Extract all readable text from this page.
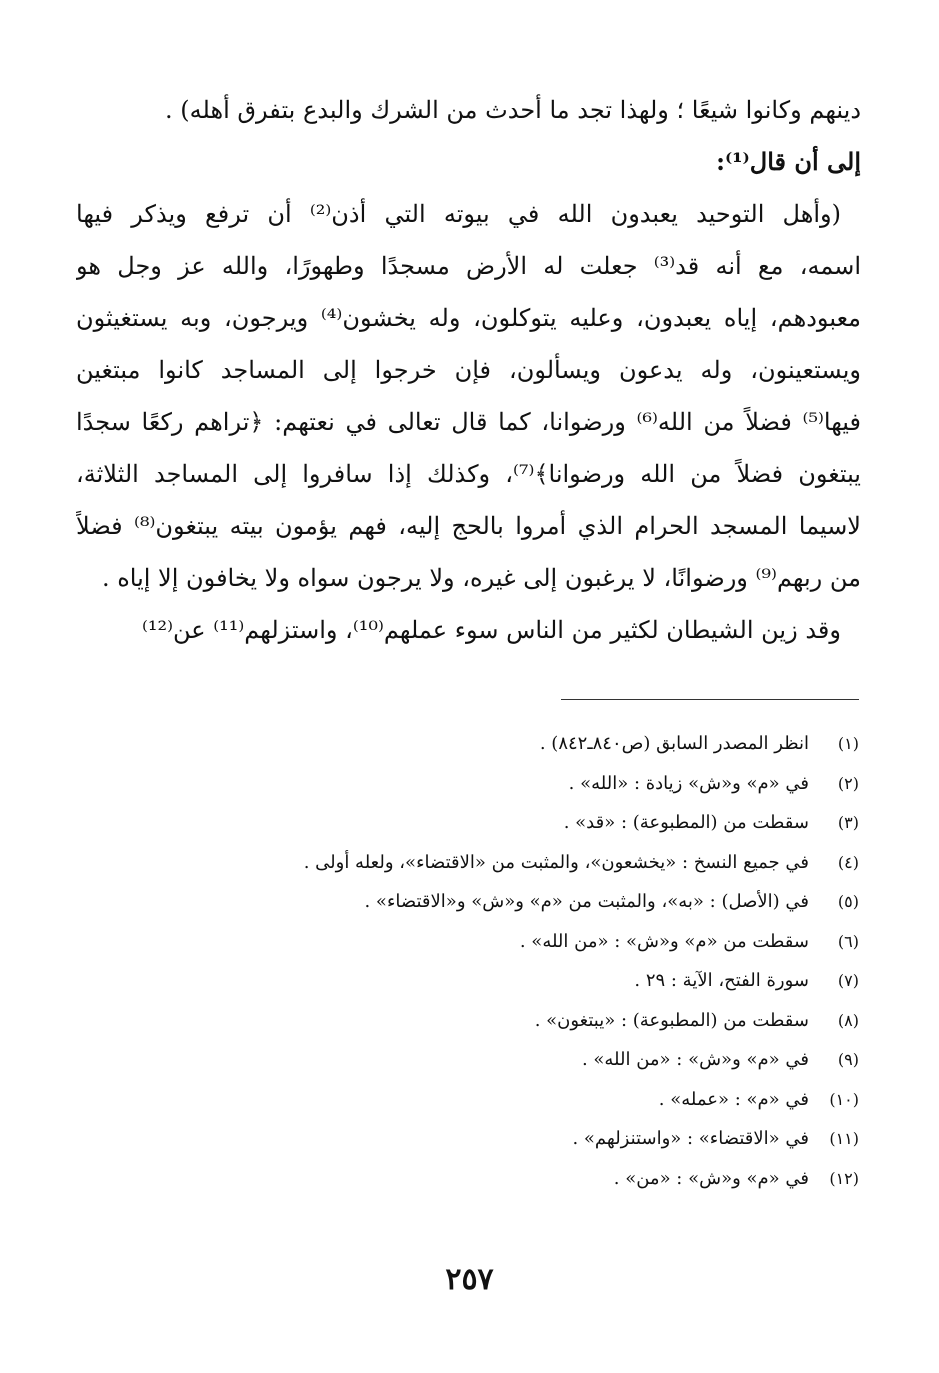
دينهم وكانوا شيعًا ؛ ولهذا تجد ما أحدث من الشرك والبدع بتفرق أهله) .
إلى أن قال⁽¹⁾:
(وأهل التوحيد يعبدون الله في بيوته التي أذن⁽²⁾ أن ترفع ويذكر فيها
اسمه، مع أنه قد⁽³⁾ جعلت له الأرض مسجدًا وطهورًا، والله عز وجل هو
معبودهم، إياه يعبدون، وعليه يتوكلون، وله يخشون⁽⁴⁾ ويرجون، وبه يستغيثون
ويستعينون، وله يدعون ويسألون، فإن خرجوا إلى المساجد كانوا مبتغين
فيها⁽⁵⁾ فضلاً من الله⁽⁶⁾ ورضوانا، كما قال تعالى في نعتهم: ﴿تراهم ركعًا سجدًا
يبتغون فضلاً من الله ورضوانا﴾⁽⁷⁾، وكذلك إذا سافروا إلى المساجد الثلاثة،
لاسيما المسجد الحرام الذي أمروا بالحج إليه، فهم يؤمون بيته يبتغون⁽⁸⁾ فضلاً
من ربهم⁽⁹⁾ ورضوانًا، لا يرغبون إلى غيره، ولا يرجون سواه ولا يخافون إلا إياه .
وقد زين الشيطان لكثير من الناس سوء عملهم⁽¹⁰⁾، واستزلهم⁽¹¹⁾ عن⁽¹²⁾
(١)
انظر المصدر السابق (ص٨٤٠ـ٨٤٢) .
(٢)
في «م» و«ش» زيادة : «الله» .
(٣)
سقطت من (المطبوعة) : «قد» .
(٤)
في جميع النسخ : «يخشعون»، والمثبت من «الاقتضاء»، ولعله أولى .
(٥)
في (الأصل) : «به»، والمثبت من «م» و«ش» و«الاقتضاء» .
(٦)
سقطت من «م» و«ش» : «من الله» .
(٧)
سورة الفتح، الآية : ٢٩ .
(٨)
سقطت من (المطبوعة) : «يبتغون» .
(٩)
في «م» و«ش» : «من الله» .
(١٠)
في «م» : «عمله» .
(١١)
في «الاقتضاء» : «واستنزلهم» .
(١٢)
في «م» و«ش» : «من» .
٢٥٧
